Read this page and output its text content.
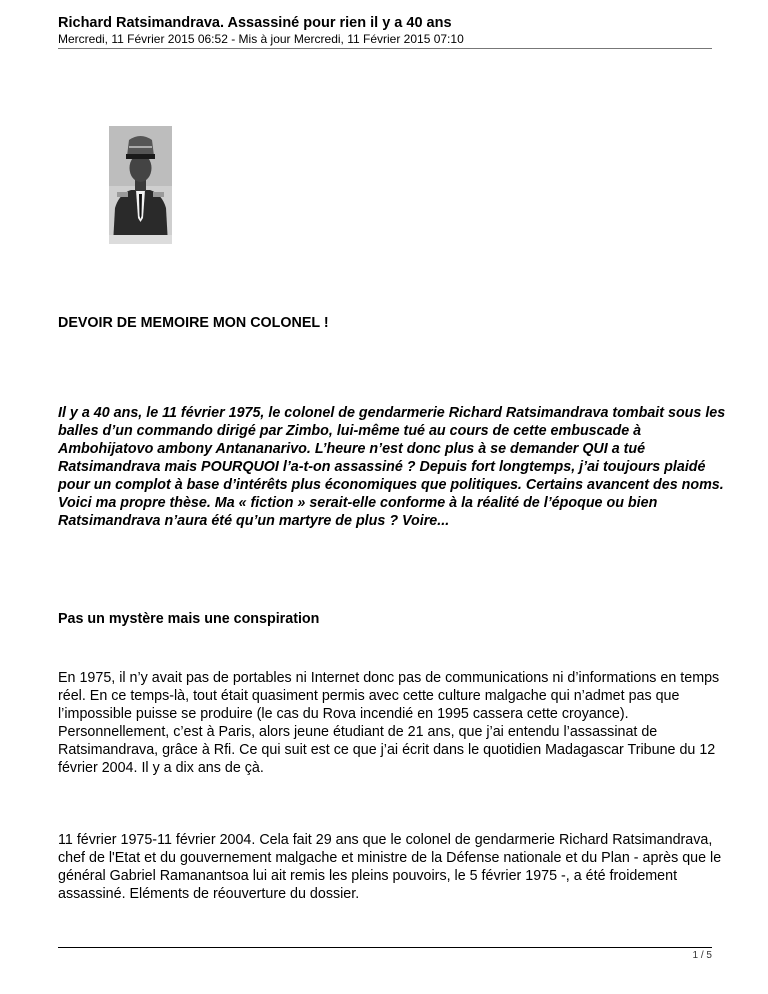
Richard Ratsimandrava. Assassiné pour rien il y a 40 ans
Mercredi, 11 Février 2015 06:52 - Mis à jour Mercredi, 11 Février 2015 07:10
DEVOIR DE MEMOIRE MON COLONEL !

Il y a 40 ans, le 11 février 1975, le colonel de gendarmerie Richard Ratsimandrava tombait sous les balles d’un commando dirigé par Zimbo, lui-même tué au cours de cette embuscade à Ambohijatovo ambony Antananarivo. L’heure n’est donc plus à se demander QUI a tué Ratsimandrava mais POURQUOI l’a-t-on assassiné ? Depuis fort longtemps, j’ai toujours plaidé pour un complot à base d’intérêts plus économiques que politiques. Certains avancent des noms. Voici ma propre thèse. Ma « fiction » serait-elle conforme à la réalité de l’époque ou bien Ratsimandrava n’aura été qu’un martyre de plus ? Voire...

Pas un mystère mais une conspiration

En 1975, il n’y avait pas de portables ni Internet donc pas de communications ni d’informations en temps réel. En ce temps-là, tout était quasiment permis avec cette culture malgache qui n’admet pas que l’impossible puisse se produire (le cas du Rova incendié en 1995 cassera cette croyance). Personnellement, c’est à Paris, alors jeune étudiant de 21 ans, que j’ai entendu l’assassinat de Ratsimandrava, grâce à Rfi. Ce qui suit est ce que j’ai écrit dans le quotidien Madagascar Tribune du 12 février 2004. Il y a dix ans de çà.

11 février 1975-11 février 2004. Cela fait 29 ans que le colonel de gendarmerie Richard Ratsimandrava, chef de l'Etat et du gouvernement malgache et ministre de la Défense nationale et du Plan - après que le général Gabriel Ramanantsoa lui ait remis les pleins pouvoirs, le 5 février 1975 -, a été froidement assassiné. Eléments de réouverture du dossier.

1 / 5
